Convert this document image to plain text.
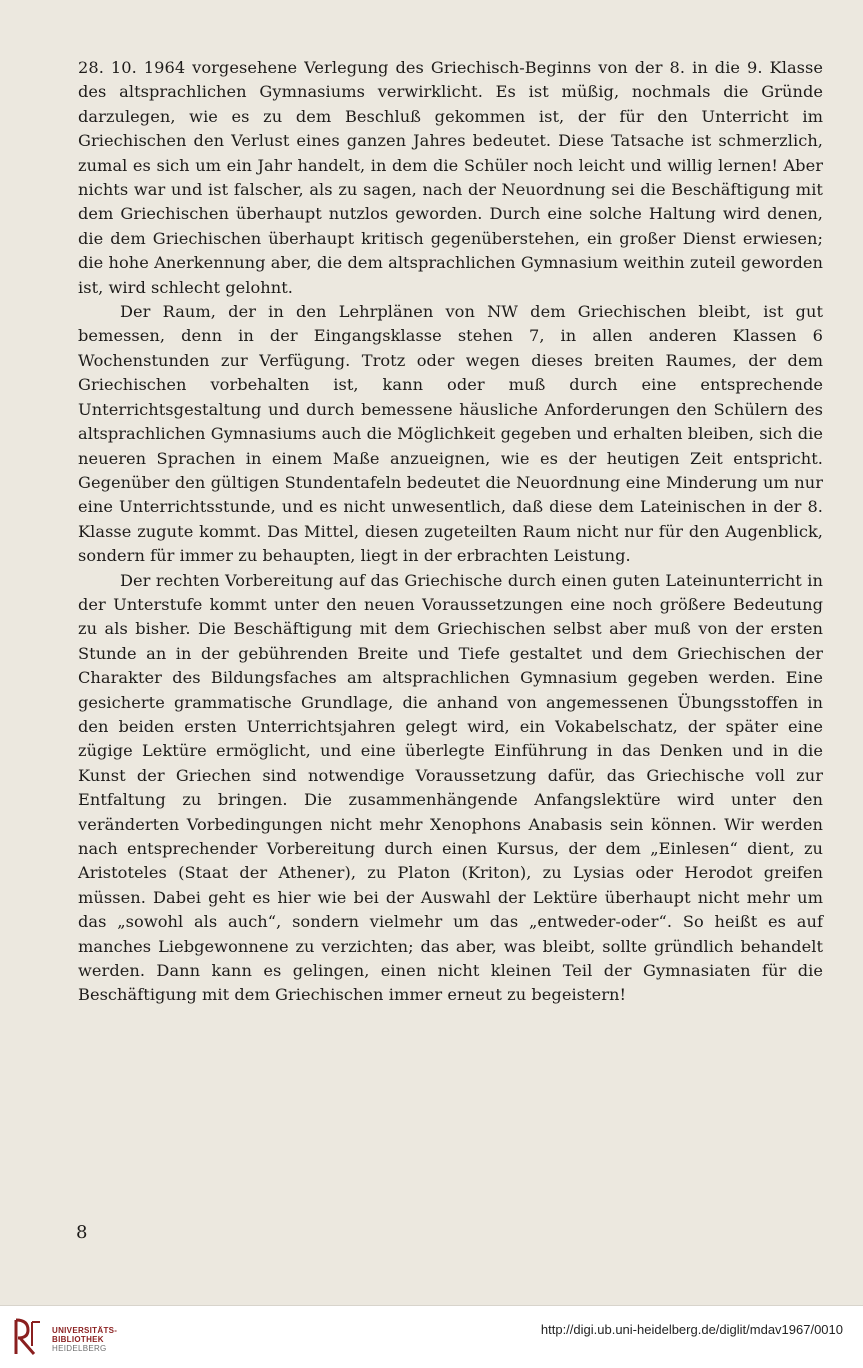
28. 10. 1964 vorgesehene Verlegung des Griechisch-Beginns von der 8. in die 9. Klasse des altsprachlichen Gymnasiums verwirklicht. Es ist müßig, nochmals die Gründe darzulegen, wie es zu dem Beschluß gekommen ist, der für den Unterricht im Griechischen den Verlust eines ganzen Jahres bedeutet. Diese Tatsache ist schmerzlich, zumal es sich um ein Jahr handelt, in dem die Schüler noch leicht und willig lernen! Aber nichts war und ist falscher, als zu sagen, nach der Neuordnung sei die Beschäftigung mit dem Griechischen überhaupt nutzlos geworden. Durch eine solche Haltung wird denen, die dem Griechischen überhaupt kritisch gegenüberstehen, ein großer Dienst erwiesen; die hohe Anerkennung aber, die dem altsprachlichen Gymnasium weithin zuteil geworden ist, wird schlecht gelohnt.

Der Raum, der in den Lehrplänen von NW dem Griechischen bleibt, ist gut bemessen, denn in der Eingangsklasse stehen 7, in allen anderen Klassen 6 Wochenstunden zur Verfügung. Trotz oder wegen dieses breiten Raumes, der dem Griechischen vorbehalten ist, kann oder muß durch eine entsprechende Unterrichtsgestaltung und durch bemessene häusliche Anforderungen den Schülern des altsprachlichen Gymnasiums auch die Möglichkeit gegeben und erhalten bleiben, sich die neueren Sprachen in einem Maße anzueignen, wie es der heutigen Zeit entspricht. Gegenüber den gültigen Stundentafeln bedeutet die Neuordnung eine Minderung um nur eine Unterrichtsstunde, und es nicht unwesentlich, daß diese dem Lateinischen in der 8. Klasse zugute kommt. Das Mittel, diesen zugeteilten Raum nicht nur für den Augenblick, sondern für immer zu behaupten, liegt in der erbrachten Leistung.

Der rechten Vorbereitung auf das Griechische durch einen guten Lateinunterricht in der Unterstufe kommt unter den neuen Voraussetzungen eine noch größere Bedeutung zu als bisher. Die Beschäftigung mit dem Griechischen selbst aber muß von der ersten Stunde an in der gebührenden Breite und Tiefe gestaltet und dem Griechischen der Charakter des Bildungsfaches am altsprachlichen Gymnasium gegeben werden. Eine gesicherte grammatische Grundlage, die anhand von angemessenen Übungsstoffen in den beiden ersten Unterrichtsjahren gelegt wird, ein Vokabelschatz, der später eine zügige Lektüre ermöglicht, und eine überlegte Einführung in das Denken und in die Kunst der Griechen sind notwendige Voraussetzung dafür, das Griechische voll zur Entfaltung zu bringen. Die zusammenhängende Anfangslektüre wird unter den veränderten Vorbedingungen nicht mehr Xenophons Anabasis sein können. Wir werden nach entsprechender Vorbereitung durch einen Kursus, der dem „Einlesen“ dient, zu Aristoteles (Staat der Athener), zu Platon (Kriton), zu Lysias oder Herodot greifen müssen. Dabei geht es hier wie bei der Auswahl der Lektüre überhaupt nicht mehr um das „sowohl als auch“, sondern vielmehr um das „entweder-oder“. So heißt es auf manches Liebgewonnene zu verzichten; das aber, was bleibt, sollte gründlich behandelt werden. Dann kann es gelingen, einen nicht kleinen Teil der Gymnasiaten für die Beschäftigung mit dem Griechischen immer erneut zu begeistern!

8
UNIVERSITÄTS-
BIBLIOTHEK
HEIDELBERG
http://digi.ub.uni-heidelberg.de/diglit/mdav1967/0010
